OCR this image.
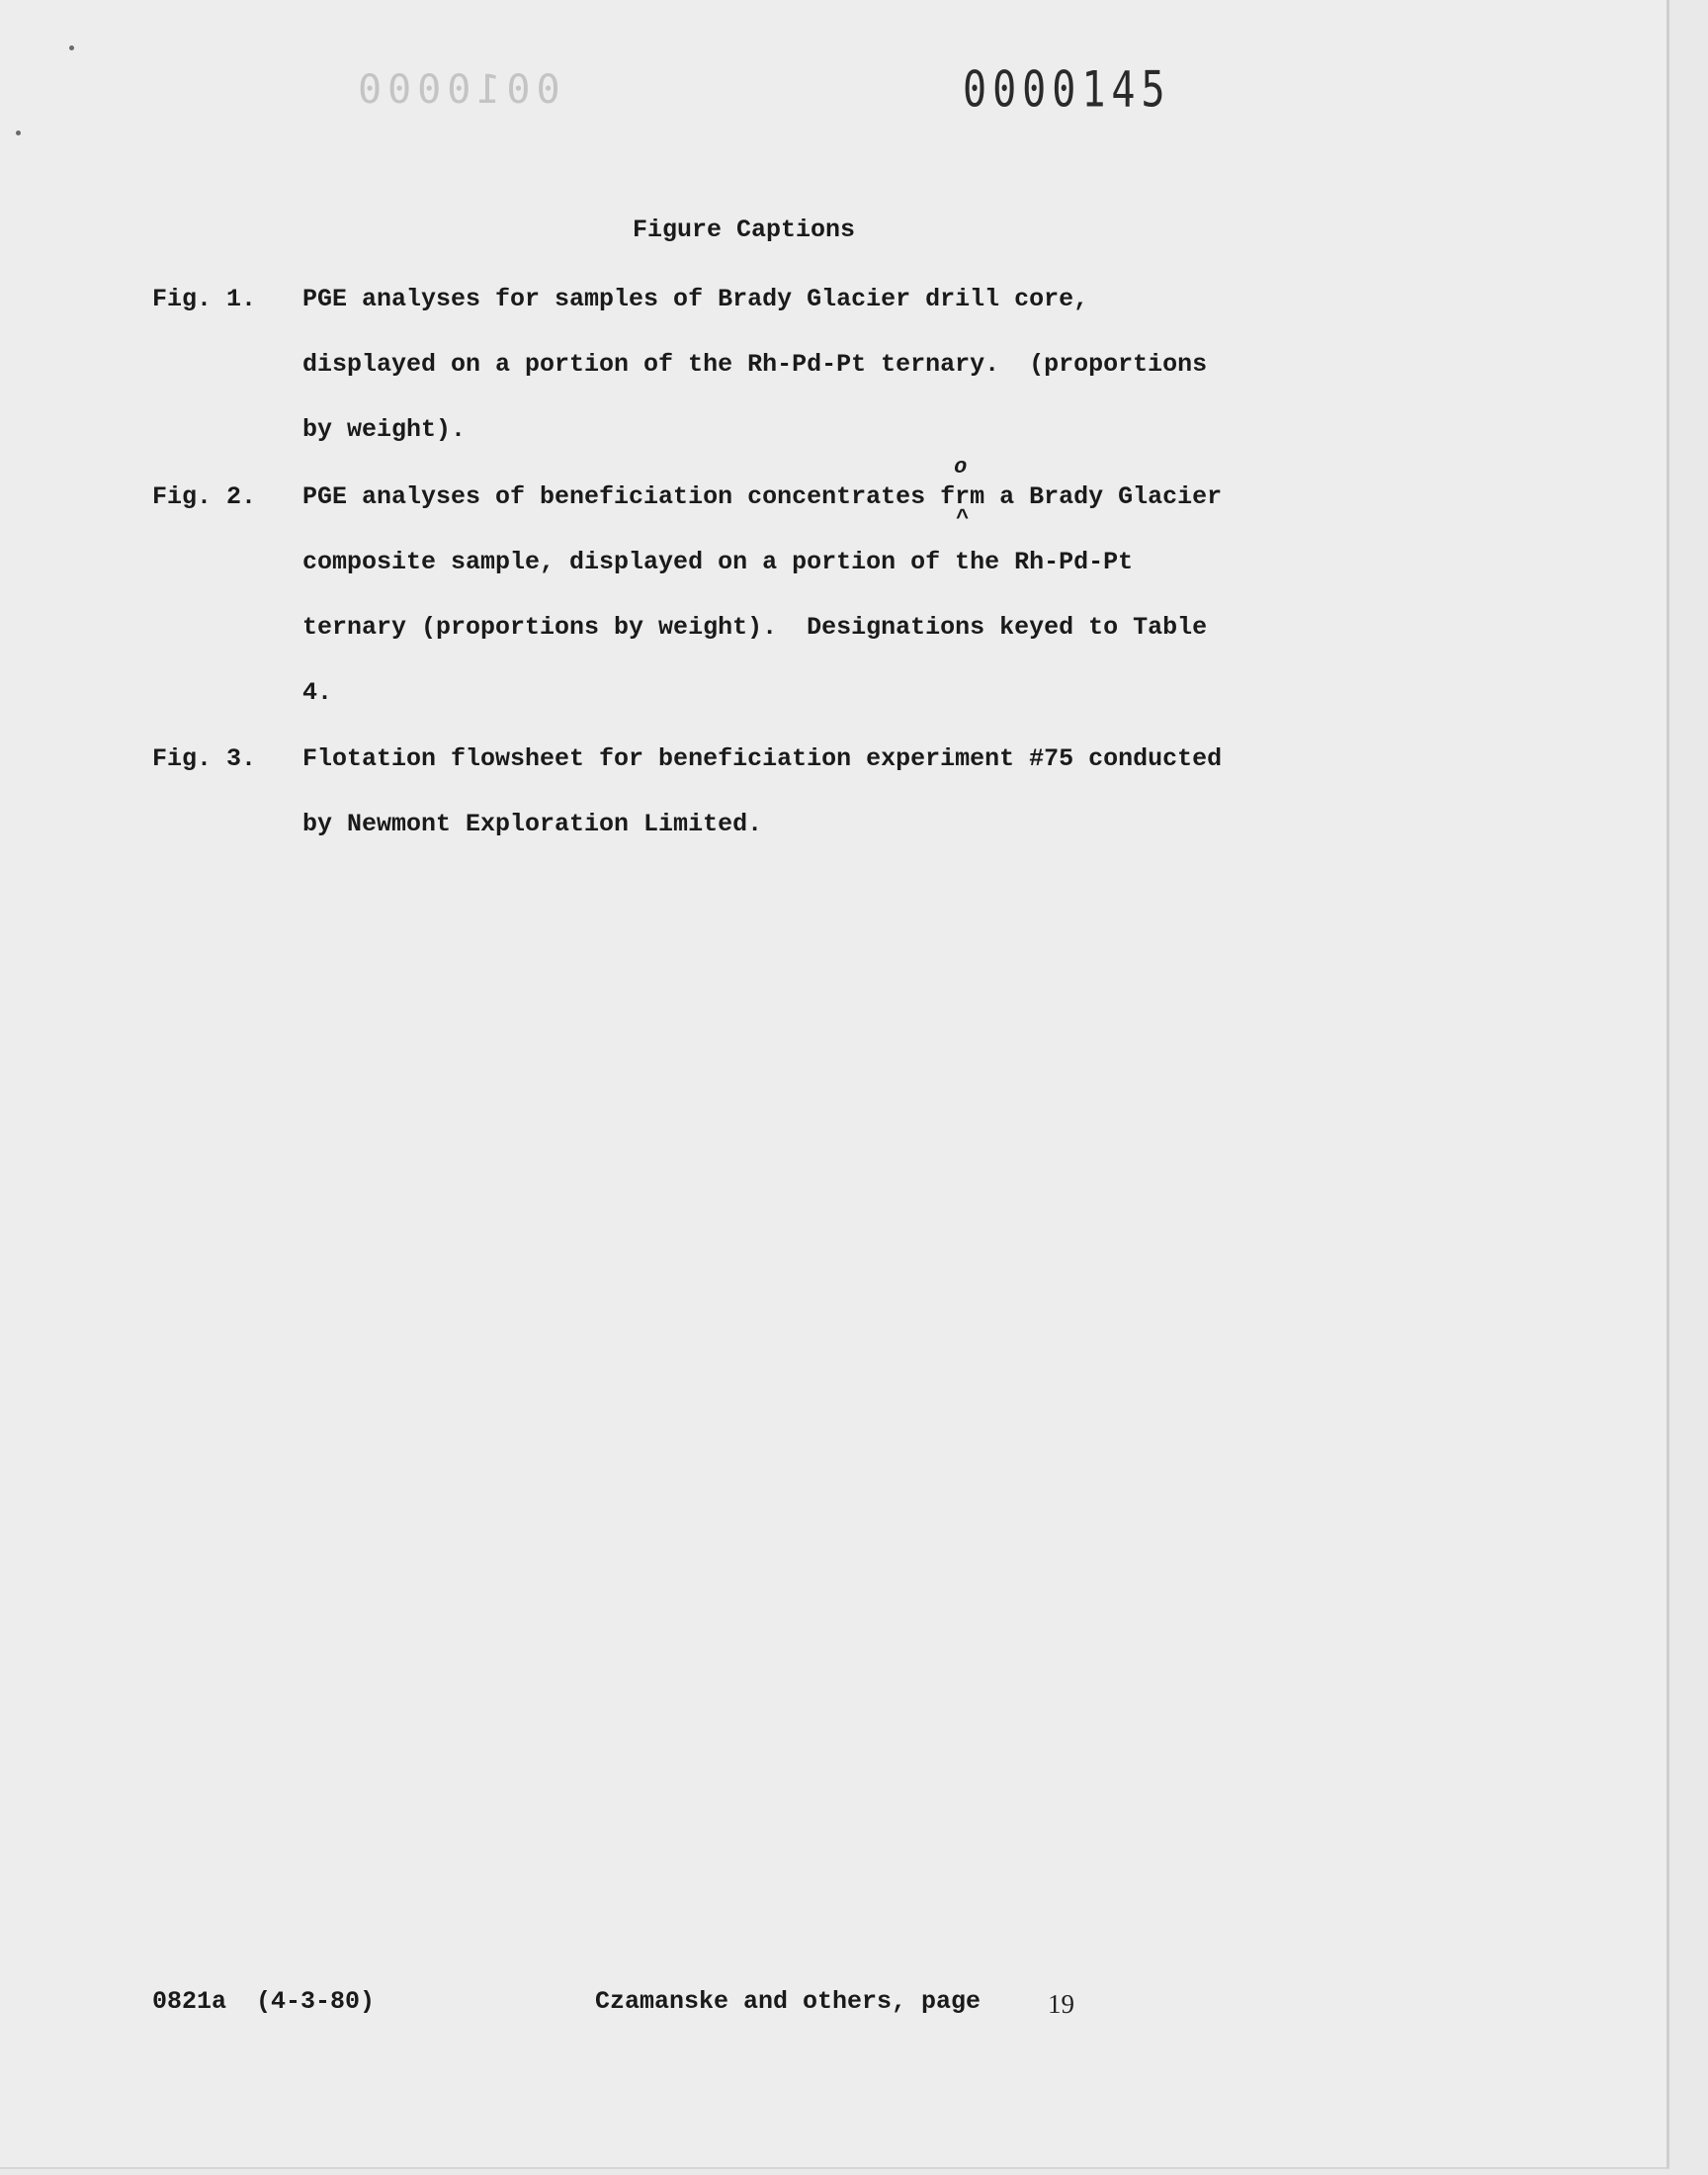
0010000	0000145
Figure Captions
Fig. 1. PGE analyses for samples of Brady Glacier drill core,
displayed on a portion of the Rh-Pd-Pt ternary.  (proportions
by weight).
Fig. 2. PGE analyses of beneficiation concentrates frm
o
^
a Brady Glacier
composite sample, displayed on a portion of the Rh-Pd-Pt
ternary (proportions by weight).  Designations keyed to Table
4.
Fig. 3. Flotation flowsheet for beneficiation experiment #75 conducted
by Newmont Exploration Limited.
0821a  (4-3-80)	Czamanske and others, page	19
